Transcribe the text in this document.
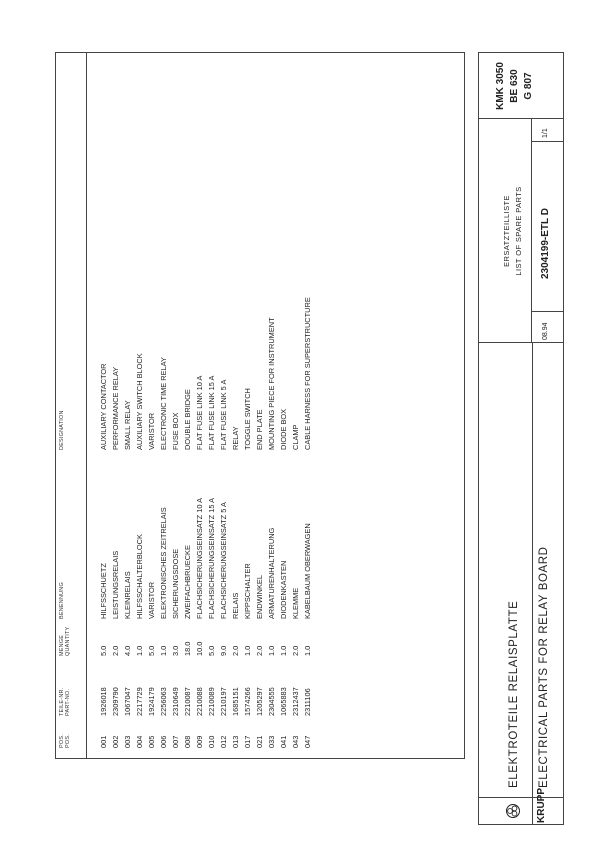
POS. POS.
TEILE-NR. PART-NO.
MENGE QUANTITY
BENENNUNG
DESIGNATION
001
1926018
5.0
HILFSSCHUETZ
AUXILIARY CONTACTOR
002
2309790
2.0
LEISTUNGSRELAIS
PERFORMANCE RELAY
003
1067047
4.0
KLEINRELAIS
SMALL RELAY
004
2217729
1.0
HILFSSCHALTERBLOCK
AUXILIARY SWITCH BLOCK
005
1924179
5.0
VARISTOR
VARISTOR
006
2256063
1.0
ELEKTRONISCHES ZEITRELAIS
ELECTRONIC TIME RELAY
007
2310649
3.0
SICHERUNGSDOSE
FUSE BOX
008
2210087
18.0
ZWEIFACHBRUECKE
DOUBLE BRIDGE
009
2210088
10.0
FLACHSICHERUNGSEINSATZ 10 A
FLAT FUSE LINK 10 A
010
2210089
5.0
FLACHSICHERUNGSEINSATZ 15 A
FLAT FUSE LINK 15 A
012
2210197
9.0
FLACHSICHERUNGSEINSATZ 5 A
FLAT FUSE LINK 5 A
013
1685151
2.0
RELAIS
RELAY
017
1574266
1.0
KIPPSCHALTER
TOGGLE SWITCH
021
1205297
2.0
ENDWINKEL
END PLATE
033
2304555
1.0
ARMATURENHALTERUNG
MOUNTING PIECE FOR INSTRUMENT
041
1065883
1.0
DIODENKASTEN
DIODE BOX
043
2312437
2.0
KLEMME
CLAMP
047
2311106
1.0
KABELBAUM OBERWAGEN
CABLE HARNESS FOR SUPERSTRUCTURE
KRUPP
ELEKTROTEILE RELAISPLATTE ELECTRICAL PARTS FOR RELAY BOARD
ERSATZTEILLISTE LIST OF SPARE PARTS
08.94
2304199-ETL D
1/1
KMK 3050 BE 630 G 807
